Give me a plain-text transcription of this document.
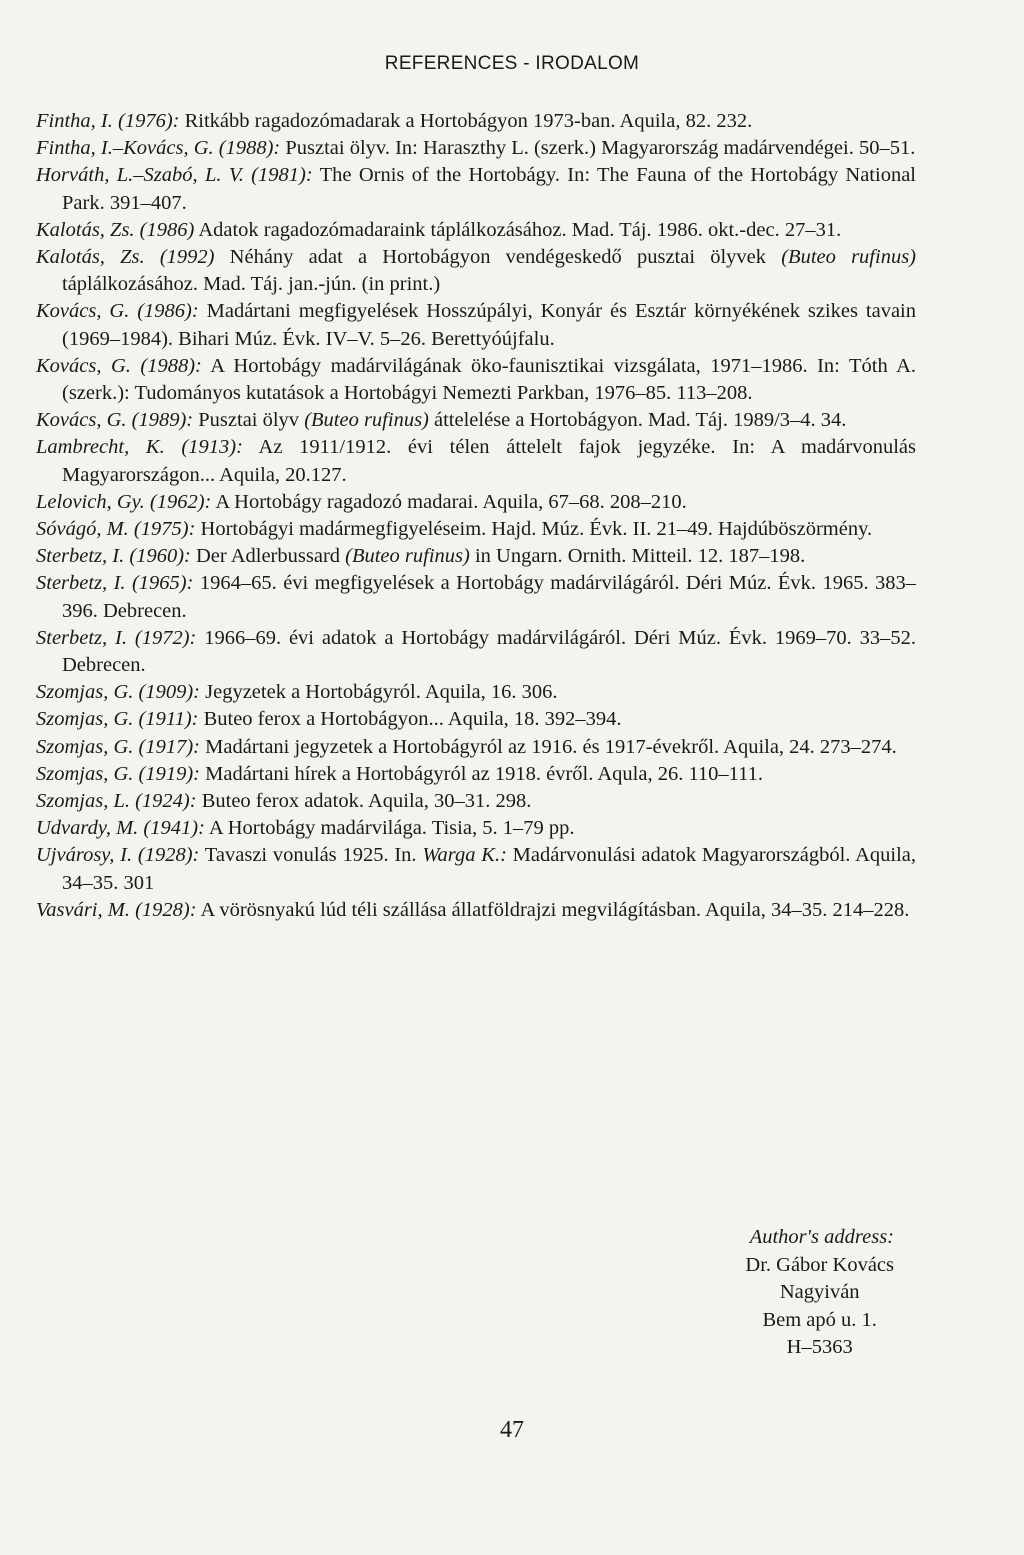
REFERENCES - IRODALOM
Fintha, I. (1976): Ritkább ragadozómadarak a Hortobágyon 1973-ban. Aquila, 82. 232.
Fintha, I.–Kovács, G. (1988): Pusztai ölyv. In: Haraszthy L. (szerk.) Magyarország madárvendégei. 50–51.
Horváth, L.–Szabó, L. V. (1981): The Ornis of the Hortobágy. In: The Fauna of the Hortobágy National Park. 391–407.
Kalotás, Zs. (1986) Adatok ragadozómadaraink táplálkozásához. Mad. Táj. 1986. okt.-dec. 27–31.
Kalotás, Zs. (1992) Néhány adat a Hortobágyon vendégeskedő pusztai ölyvek (Buteo rufinus) táplálkozásához. Mad. Táj. jan.-jún. (in print.)
Kovács, G. (1986): Madártani megfigyelések Hosszúpályi, Konyár és Esztár környékének szikes tavain (1969–1984). Bihari Múz. Évk. IV–V. 5–26. Berettyóújfalu.
Kovács, G. (1988): A Hortobágy madárvilágának öko-faunisztikai vizsgálata, 1971–1986. In: Tóth A. (szerk.): Tudományos kutatások a Hortobágyi Nemezti Parkban, 1976–85. 113–208.
Kovács, G. (1989): Pusztai ölyv (Buteo rufinus) áttelelése a Hortobágyon. Mad. Táj. 1989/3–4. 34.
Lambrecht, K. (1913): Az 1911/1912. évi télen áttelelt fajok jegyzéke. In: A madárvonulás Magyarországon... Aquila, 20.127.
Lelovich, Gy. (1962): A Hortobágy ragadozó madarai. Aquila, 67–68. 208–210.
Sóvágó, M. (1975): Hortobágyi madármegfigyeléseim. Hajd. Múz. Évk. II. 21–49. Hajdúböszörmény.
Sterbetz, I. (1960): Der Adlerbussard (Buteo rufinus) in Ungarn. Ornith. Mitteil. 12. 187–198.
Sterbetz, I. (1965): 1964–65. évi megfigyelések a Hortobágy madárvilágáról. Déri Múz. Évk. 1965. 383–396. Debrecen.
Sterbetz, I. (1972): 1966–69. évi adatok a Hortobágy madárvilágáról. Déri Múz. Évk. 1969–70. 33–52. Debrecen.
Szomjas, G. (1909): Jegyzetek a Hortobágyról. Aquila, 16. 306.
Szomjas, G. (1911): Buteo ferox a Hortobágyon... Aquila, 18. 392–394.
Szomjas, G. (1917): Madártani jegyzetek a Hortobágyról az 1916. és 1917-évekről. Aquila, 24. 273–274.
Szomjas, G. (1919): Madártani hírek a Hortobágyról az 1918. évről. Aqula, 26. 110–111.
Szomjas, L. (1924): Buteo ferox adatok. Aquila, 30–31. 298.
Udvardy, M. (1941): A Hortobágy madárvilága. Tisia, 5. 1–79 pp.
Ujvárosy, I. (1928): Tavaszi vonulás 1925. In. Warga K.: Madárvonulási adatok Magyarországból. Aquila, 34–35. 301
Vasvári, M. (1928): A vörösnyakú lúd téli szállása állatföldrajzi megvilágításban. Aquila, 34–35. 214–228.
Author's address:
Dr. Gábor Kovács
Nagyiván
Bem apó u. 1.
H–5363
47
